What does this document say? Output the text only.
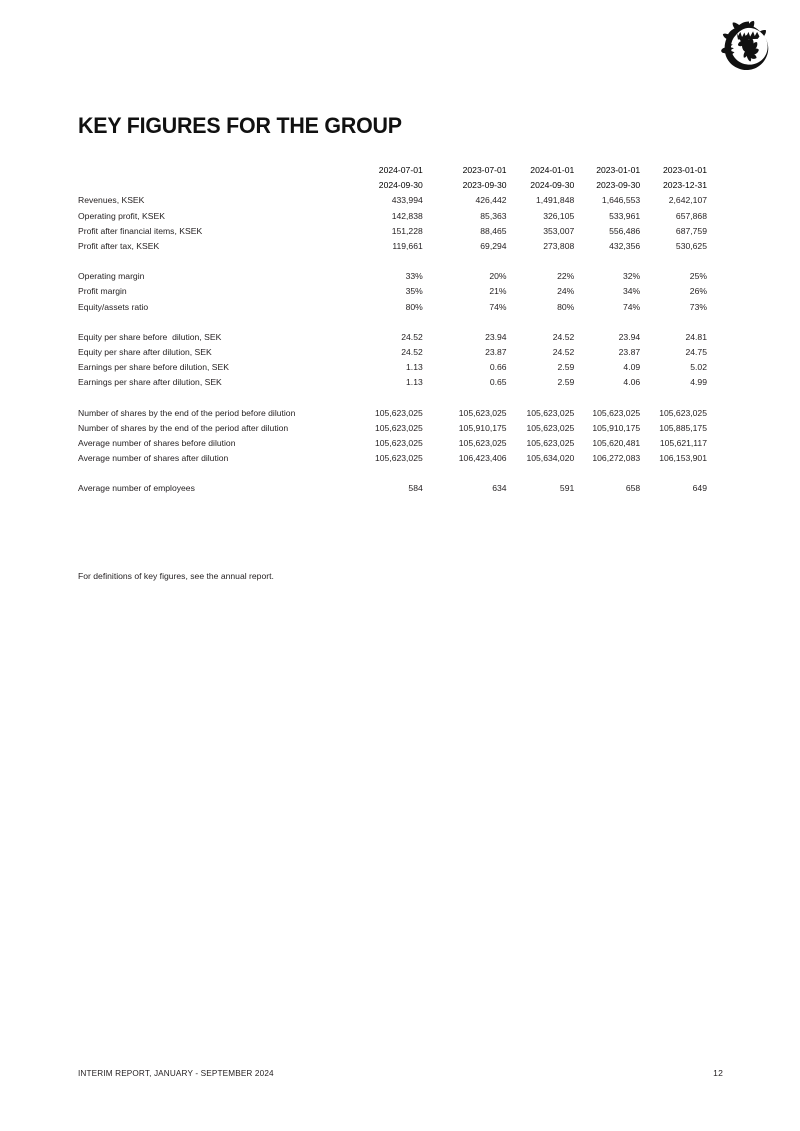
KEY FIGURES FOR THE GROUP
	2024-07-01	2023-07-01	2024-01-01	2023-01-01	2023-01-01
	2024-09-30	2023-09-30	2024-09-30	2023-09-30	2023-12-31
Revenues, KSEK	433,994	426,442	1,491,848	1,646,553	2,642,107
Operating profit, KSEK	142,838	85,363	326,105	533,961	657,868
Profit after financial items, KSEK	151,228	88,465	353,007	556,486	687,759
Profit after tax, KSEK	119,661	69,294	273,808	432,356	530,625

Operating margin	33%	20%	22%	32%	25%
Profit margin	35%	21%	24%	34%	26%
Equity/assets ratio	80%	74%	80%	74%	73%

Equity per share before  dilution, SEK	24.52	23.94	24.52	23.94	24.81
Equity per share after dilution, SEK	24.52	23.87	24.52	23.87	24.75
Earnings per share before dilution, SEK	1.13	0.66	2.59	4.09	5.02
Earnings per share after dilution, SEK	1.13	0.65	2.59	4.06	4.99

Number of shares by the end of the period before dilution	105,623,025	105,623,025	105,623,025	105,623,025	105,623,025
Number of shares by the end of the period after dilution	105,623,025	105,910,175	105,623,025	105,910,175	105,885,175
Average number of shares before dilution	105,623,025	105,623,025	105,623,025	105,620,481	105,621,117
Average number of shares after dilution	105,623,025	106,423,406	105,634,020	106,272,083	106,153,901

Average number of employees	584	634	591	658	649

For definitions of key figures, see the annual report.

INTERIM REPORT, JANUARY - SEPTEMBER 2024	12
